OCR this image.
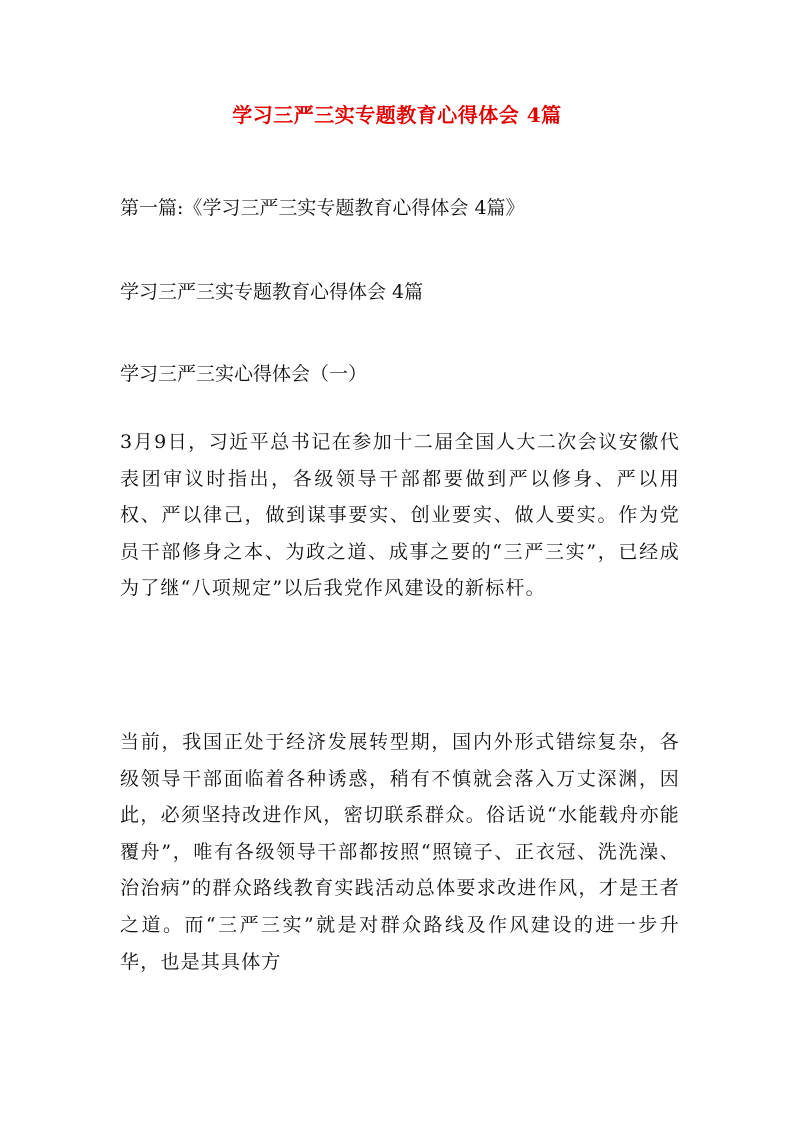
学习三严三实专题教育心得体会 4篇
第一篇:《学习三严三实专题教育心得体会 4篇》
学习三严三实专题教育心得体会 4篇
学习三严三实心得体会（一）
3月9日，习近平总书记在参加十二届全国人大二次会议安徽代表团审议时指出，各级领导干部都要做到严以修身、严以用权、严以律己，做到谋事要实、创业要实、做人要实。作为党员干部修身之本、为政之道、成事之要的“三严三实”，已经成为了继“八项规定”以后我党作风建设的新标杆。
当前，我国正处于经济发展转型期，国内外形式错综复杂，各级领导干部面临着各种诱惑，稍有不慎就会落入万丈深渊，因此，必须坚持改进作风，密切联系群众。俗话说“水能载舟亦能覆舟”，唯有各级领导干部都按照“照镜子、正衣冠、洗洗澡、治治病”的群众路线教育实践活动总体要求改进作风，才是王者之道。而“三严三实”就是对群众路线及作风建设的进一步升华，也是其具体方
